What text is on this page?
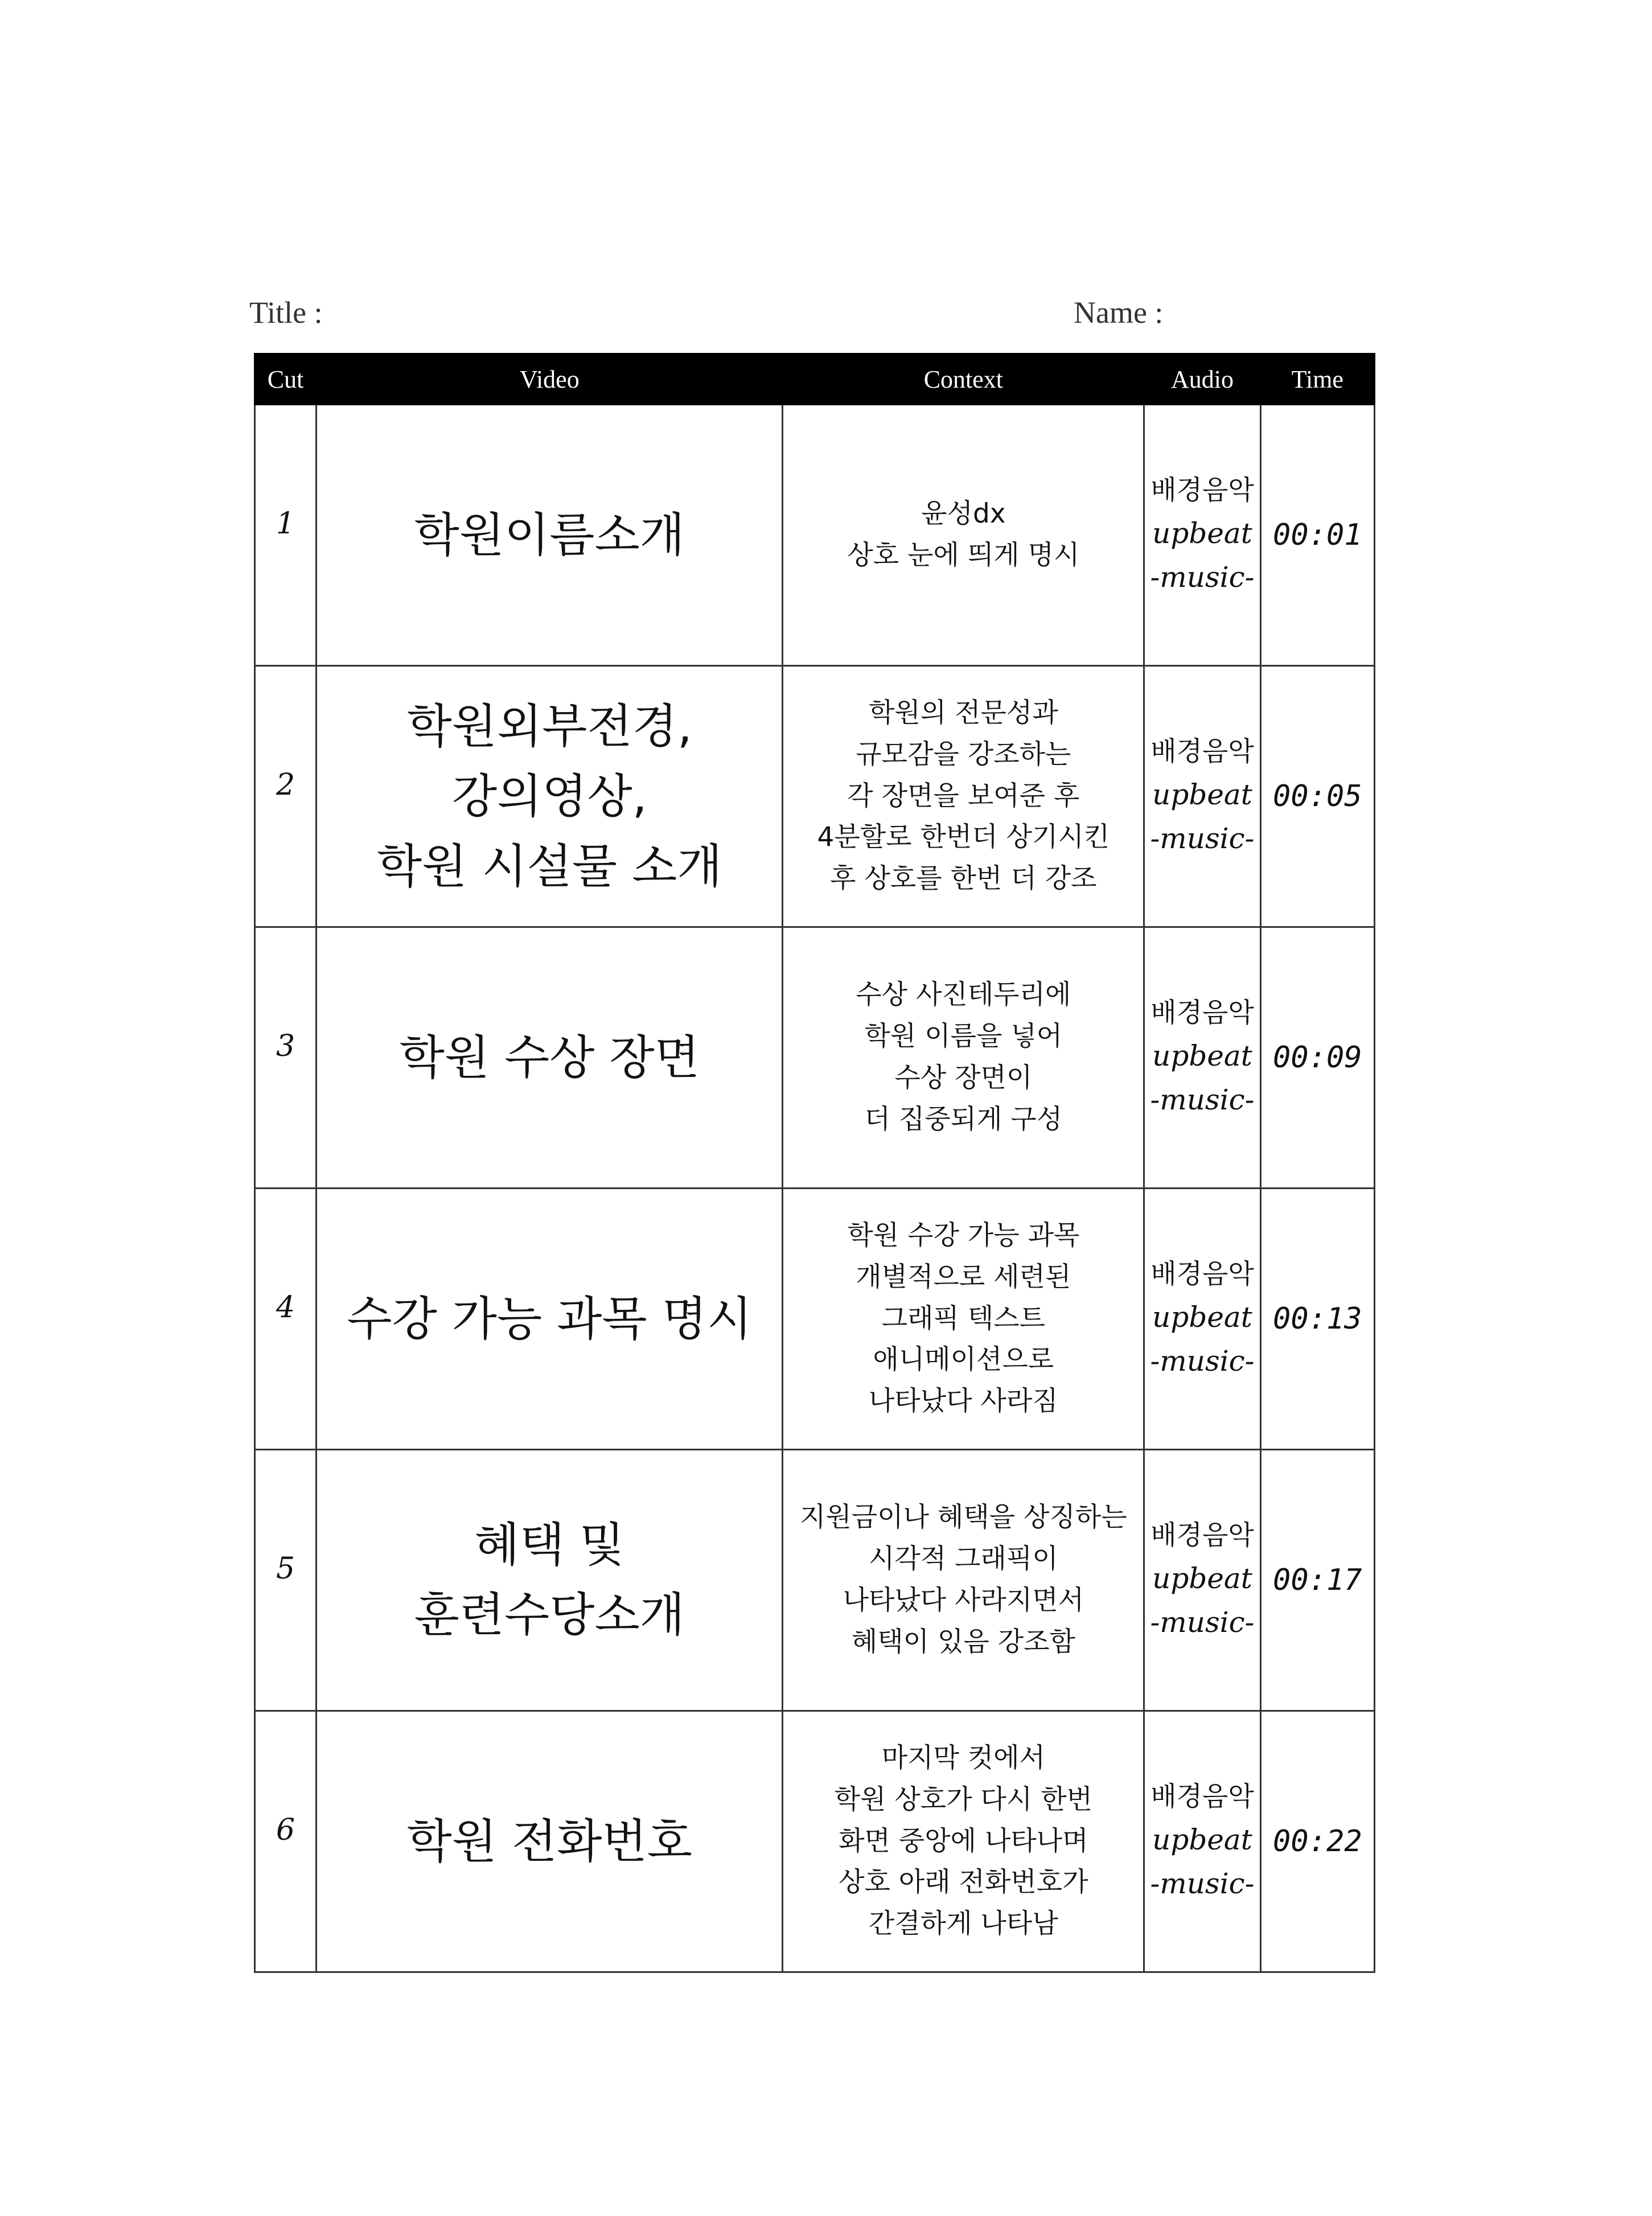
Title :	Name :
Cut	Video	Context	Audio	Time
1	학원이름소개	윤성dx
상호 눈에 띄게 명시	배경음악
upbeat
-music-	00:01
2	학원외부전경,
강의영상,
학원 시설물 소개	학원의 전문성과
규모감을 강조하는
각 장면을 보여준 후
4분할로 한번더 상기시킨
후 상호를 한번 더 강조	배경음악
upbeat
-music-	00:05
3	학원 수상 장면	수상 사진테두리에
학원 이름을 넣어
수상 장면이
더 집중되게 구성	배경음악
upbeat
-music-	00:09
4	수강 가능 과목 명시	학원 수강 가능 과목
개별적으로 세련된
그래픽 텍스트
애니메이션으로
나타났다 사라짐	배경음악
upbeat
-music-	00:13
5	혜택 및
훈련수당소개	지원금이나 혜택을 상징하는
시각적 그래픽이
나타났다 사라지면서
혜택이 있음 강조함	배경음악
upbeat
-music-	00:17
6	학원 전화번호	마지막 컷에서
학원 상호가 다시 한번
화면 중앙에 나타나며
상호 아래 전화번호가
간결하게 나타남	배경음악
upbeat
-music-	00:22
